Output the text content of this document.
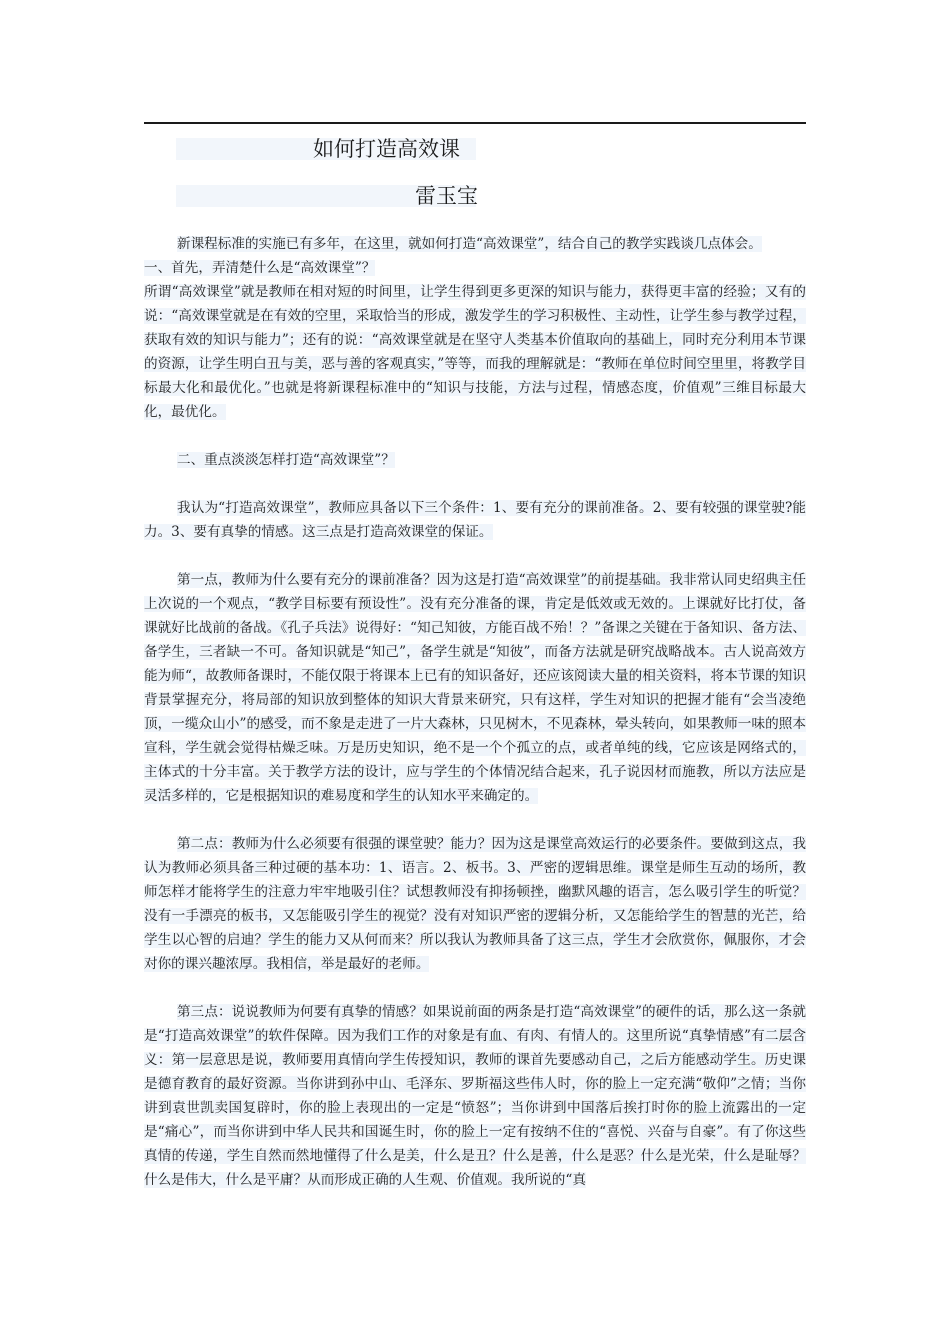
如何打造高效课
雷玉宝

新课程标准的实施已有多年，在这里，就如何打造“高效课堂”，结合自己的教学实践谈几点体会。

一、首先，弄清楚什么是“高效课堂”？

所谓“高效课堂”就是教师在相对短的时间里，让学生得到更多更深的知识与能力，获得更丰富的经验；又有的说：“高效课堂就是在有效的空里，采取恰当的形成，激发学生的学习积极性、主动性，让学生参与教学过程，获取有效的知识与能力”；还有的说：“高效课堂就是在坚守人类基本价值取向的基础上，同时充分利用本节课的资源，让学生明白丑与美，恶与善的客观真实，”等等，而我的理解就是：“教师在单位时间空里里，将教学目标最大化和最优化。”也就是将新课程标准中的“知识与技能，方法与过程，情感态度，价值观”三维目标最大化，最优化。

二、重点淡淡怎样打造“高效课堂”？

我认为“打造高效课堂”，教师应具备以下三个条件：1、要有充分的课前准备。2、要有较强的课堂驶?能力。3、要有真挚的情感。这三点是打造高效课堂的保证。

第一点，教师为什么要有充分的课前准备？因为这是打造“高效课堂”的前提基础。我非常认同史绍典主任上次说的一个观点，“教学目标要有预设性”。没有充分准备的课，肯定是低效或无效的。上课就好比打仗，备课就好比战前的备战。《孔子兵法》说得好：“知己知彼，方能百战不殆！？”备课之关键在于备知识、备方法、备学生，三者缺一不可。备知识就是“知己”，备学生就是“知彼”，而备方法就是研究战略战本。古人说高效方能为师“，故教师备课时，不能仅限于将课本上已有的知识备好，还应该阅读大量的相关资料，将本节课的知识背景掌握充分，将局部的知识放到整体的知识大背景来研究，只有这样，学生对知识的把握才能有“会当凌绝顶，一缆众山小”的感受，而不象是走进了一片大森林，只见树木，不见森林，晕头转向，如果教师一味的照本宣科，学生就会觉得枯燥乏味。万是历史知识，绝不是一个个孤立的点，或者单纯的线，它应该是网络式的，主体式的十分丰富。关于教学方法的设计，应与学生的个体情况结合起来，孔子说因材而施教，所以方法应是灵活多样的，它是根据知识的难易度和学生的认知水平来确定的。

第二点：教师为什么必须要有很强的课堂驶？能力？因为这是课堂高效运行的必要条件。要做到这点，我认为教师必须具备三种过硬的基本功：1、语言。2、板书。3、严密的逻辑思维。课堂是师生互动的场所，教师怎样才能将学生的注意力牢牢地吸引住？试想教师没有抑扬顿挫，幽默风趣的语言，怎么吸引学生的听觉？没有一手漂亮的板书，又怎能吸引学生的视觉？没有对知识严密的逻辑分析，又怎能给学生的智慧的光芒，给学生以心智的启迪？学生的能力又从何而来？所以我认为教师具备了这三点，学生才会欣赏你，佩服你，才会对你的课兴趣浓厚。我相信，举是最好的老师。

第三点：说说教师为何要有真挚的情感？如果说前面的两条是打造“高效课堂”的硬件的话，那么这一条就是“打造高效课堂”的软件保障。因为我们工作的对象是有血、有肉、有情人的。这里所说“真挚情感”有二层含义：第一层意思是说，教师要用真情向学生传授知识，教师的课首先要感动自己，之后方能感动学生。历史课是德育教育的最好资源。当你讲到孙中山、毛泽东、罗斯福这些伟人时，你的脸上一定充满“敬仰”之情；当你讲到袁世凯卖国复辟时，你的脸上表现出的一定是“愤怒”；当你讲到中国落后挨打时你的脸上流露出的一定是“痛心”，而当你讲到中华人民共和国诞生时，你的脸上一定有按纳不住的“喜悦、兴奋与自豪”。有了你这些真情的传递，学生自然而然地懂得了什么是美，什么是丑？什么是善，什么是恶？什么是光荣，什么是耻辱？什么是伟大，什么是平庸？从而形成正确的人生观、价值观。我所说的“真
